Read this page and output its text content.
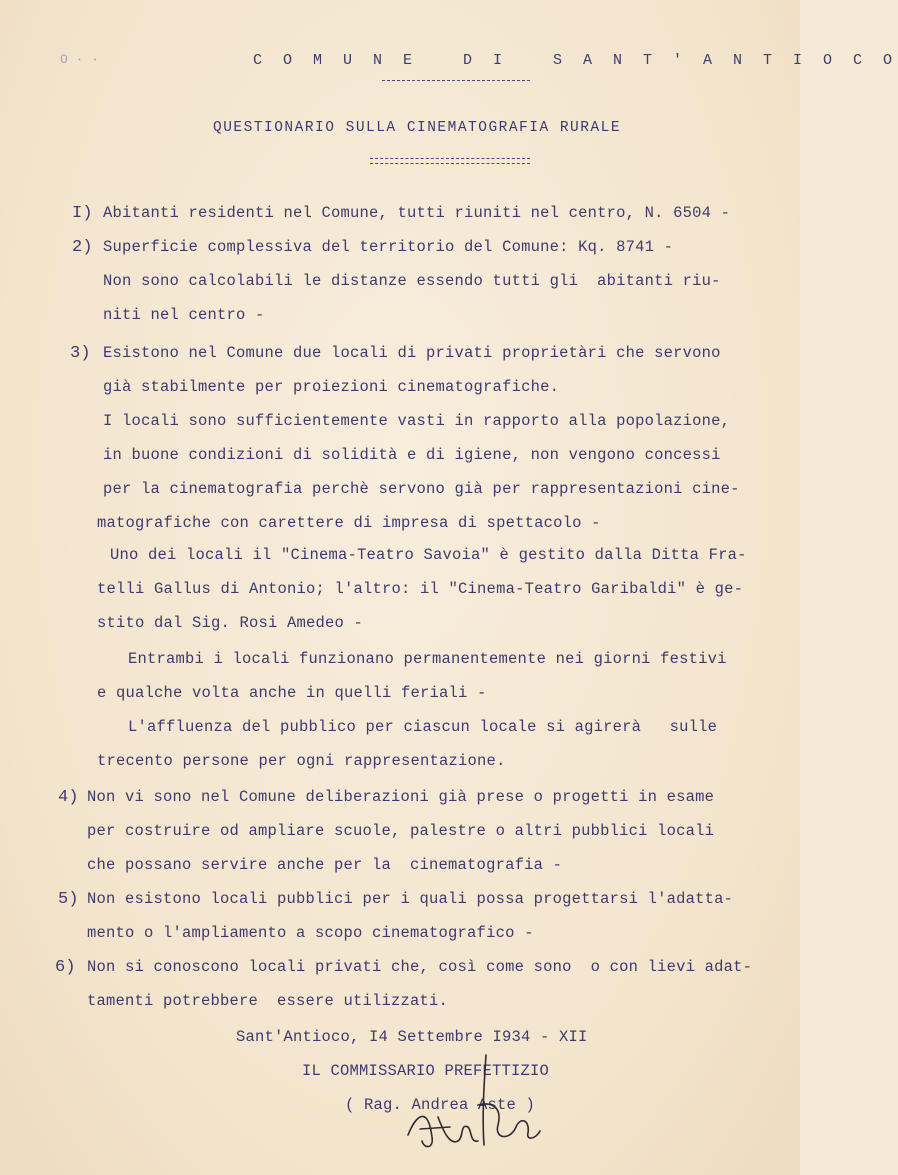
O · ·	C O M U N E   D I   S A N T ' A N T I O C O
QUESTIONARIO SULLA CINEMATOGRAFIA RURALE
I) Abitanti residenti nel Comune, tutti riuniti nel centro, N. 6504 -
2) Superficie complessiva del territorio del Comune: Kq. 8741 -
Non sono calcolabili le distanze essendo tutti gli  abitanti riu-
niti nel centro -
3) Esistono nel Comune due locali di privati proprietàri che servono
già stabilmente per proiezioni cinematografiche.
I locali sono sufficientemente vasti in rapporto alla popolazione,
in buone condizioni di solidità e di igiene, non vengono concessi
per la cinematografia perchè servono già per rappresentazioni cine-
matografiche con carettere di impresa di spettacolo -
Uno dei locali il "Cinema-Teatro Savoia" è gestito dalla Ditta Fra-
telli Gallus di Antonio; l'altro: il "Cinema-Teatro Garibaldi" è ge-
stito dal Sig. Rosi Amedeo -
Entrambi i locali funzionano permanentemente nei giorni festivi
e qualche volta anche in quelli feriali -
L'affluenza del pubblico per ciascun locale si agirerà   sulle
trecento persone per ogni rappresentazione.
4) Non vi sono nel Comune deliberazioni già prese o progetti in esame
per costruire od ampliare scuole, palestre o altri pubblici locali
che possano servire anche per la  cinematografia -
5) Non esistono locali pubblici per i quali possa progettarsi l'adatta-
mento o l'ampliamento a scopo cinematografico -
6) Non si conoscono locali privati che, così come sono  o con lievi adat-
tamenti potrebbere  essere utilizzati.
Sant'Antioco, I4 Settembre I934 - XII
IL COMMISSARIO PREFETTIZIO
( Rag. Andrea Aste )
